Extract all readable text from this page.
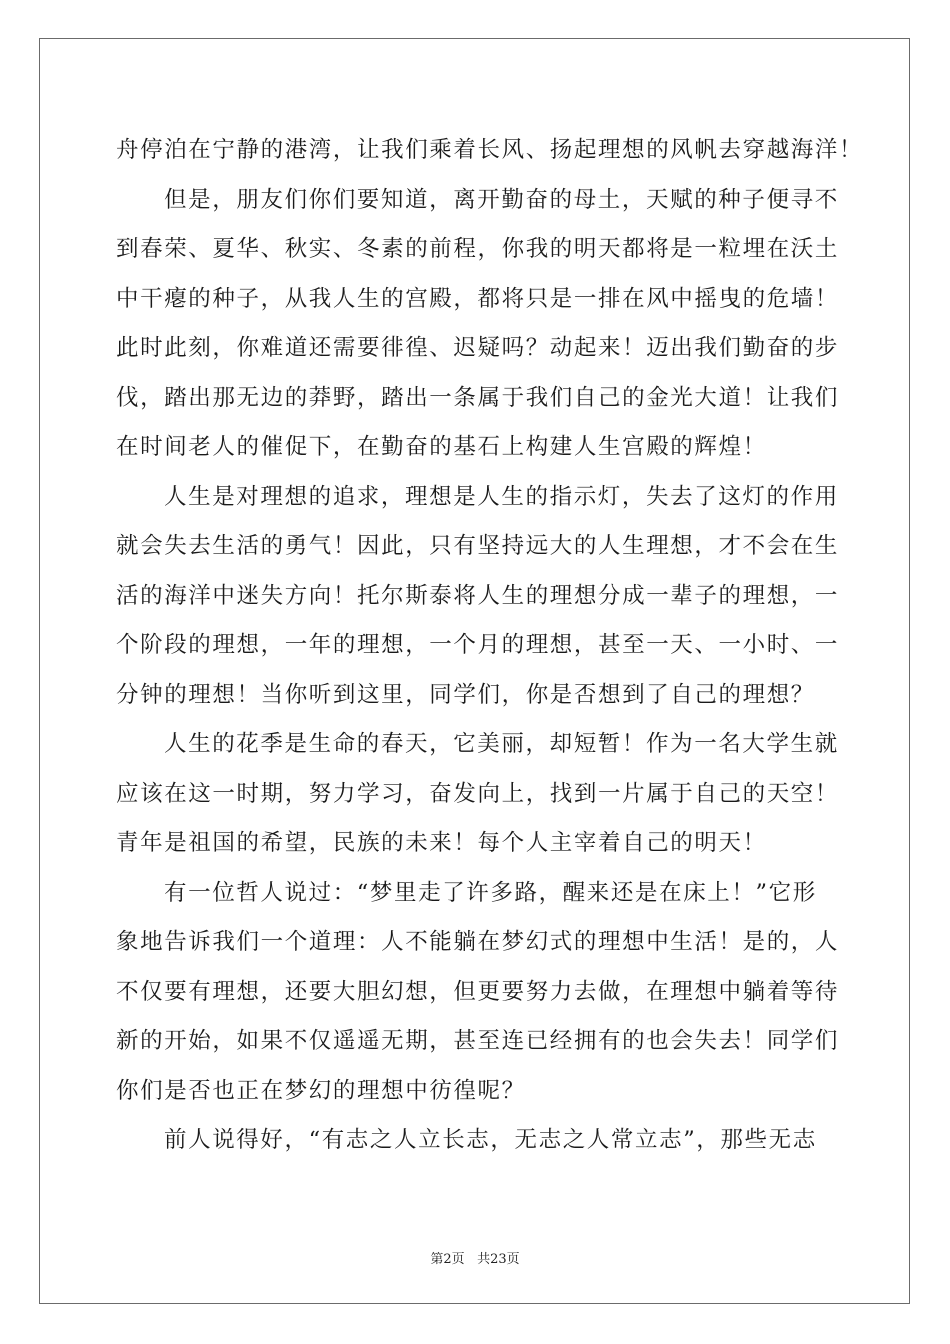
舟停泊在宁静的港湾，让我们乘着长风、扬起理想的风帆去穿越海洋！
但是，朋友们你们要知道，离开勤奋的母土，天赋的种子便寻不
到春荣、夏华、秋实、冬素的前程，你我的明天都将是一粒埋在沃土
中干瘪的种子，从我人生的宫殿，都将只是一排在风中摇曳的危墙！
此时此刻，你难道还需要徘徨、迟疑吗？动起来！迈出我们勤奋的步
伐，踏出那无边的莽野，踏出一条属于我们自己的金光大道！让我们
在时间老人的催促下，在勤奋的基石上构建人生宫殿的辉煌！
人生是对理想的追求，理想是人生的指示灯，失去了这灯的作用
就会失去生活的勇气！因此，只有坚持远大的人生理想，才不会在生
活的海洋中迷失方向！托尔斯泰将人生的理想分成一辈子的理想，一
个阶段的理想，一年的理想，一个月的理想，甚至一天、一小时、一
分钟的理想！当你听到这里，同学们，你是否想到了自己的理想？
人生的花季是生命的春天，它美丽，却短暂！作为一名大学生就
应该在这一时期，努力学习，奋发向上，找到一片属于自己的天空！
青年是祖国的希望，民族的未来！每个人主宰着自己的明天！
有一位哲人说过：“梦里走了许多路，醒来还是在床上！”它形
象地告诉我们一个道理：人不能躺在梦幻式的理想中生活！是的，人
不仅要有理想，还要大胆幻想，但更要努力去做，在理想中躺着等待
新的开始，如果不仅遥遥无期，甚至连已经拥有的也会失去！同学们
你们是否也正在梦幻的理想中彷徨呢？
前人说得好，“有志之人立长志，无志之人常立志”，那些无志
第2页 共23页
